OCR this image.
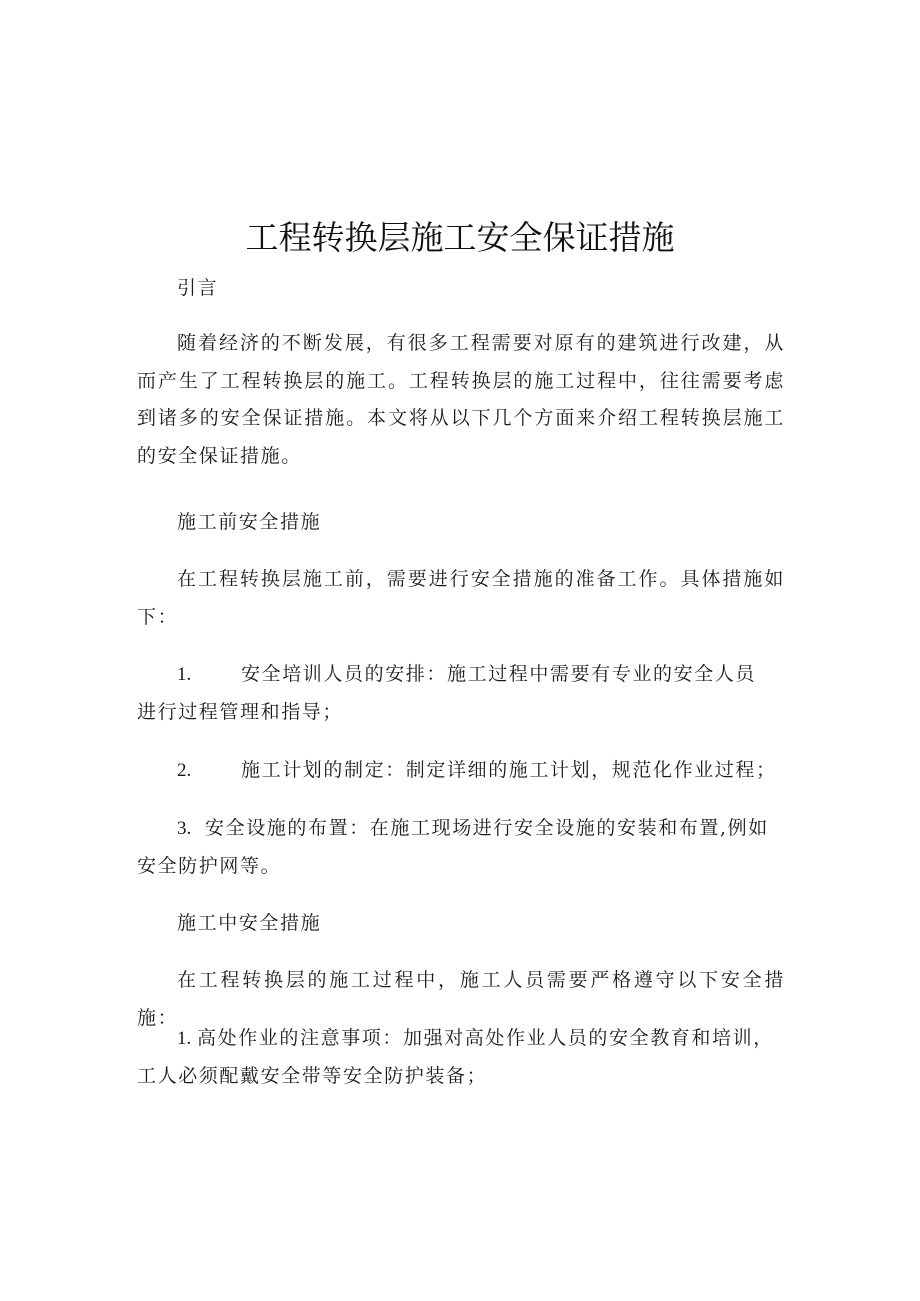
工程转换层施工安全保证措施

引言

随着经济的不断发展，有很多工程需要对原有的建筑进行改建，从而产生了工程转换层的施工。工程转换层的施工过程中，往往需要考虑到诸多的安全保证措施。本文将从以下几个方面来介绍工程转换层施工的安全保证措施。

施工前安全措施

在工程转换层施工前，需要进行安全措施的准备工作。具体措施如下：

1.	安全培训人员的安排：施工过程中需要有专业的安全人员
进行过程管理和指导；
2.	施工计划的制定：制定详细的施工计划，规范化作业过程；
3. 安全设施的布置：在施工现场进行安全设施的安装和布置,例如安全防护网等。

施工中安全措施

在工程转换层的施工过程中，施工人员需要严格遵守以下安全措施：

1. 高处作业的注意事项：加强对高处作业人员的安全教育和培训，工人必须配戴安全带等安全防护装备；
